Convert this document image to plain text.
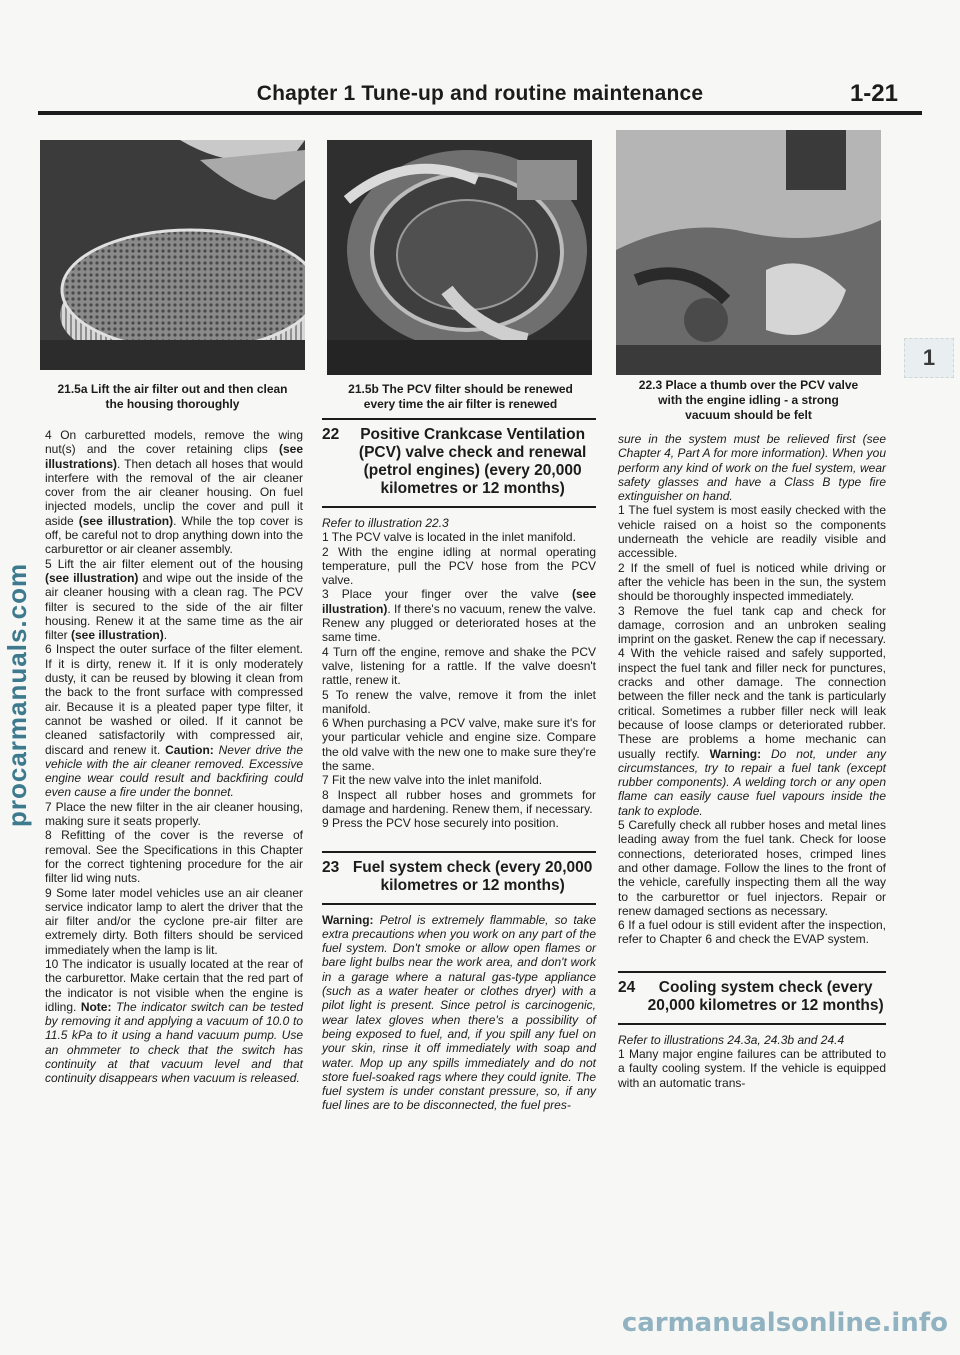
Chapter 1 Tune-up and routine maintenance	1-21
21.5a Lift the air filter out and then clean
the housing thoroughly
21.5b The PCV filter should be renewed
every time the air filter is renewed
22.3 Place a thumb over the PCV valve
with the engine idling - a strong
vacuum should be felt
1

4 On carburetted models, remove the wing nut(s) and the cover retaining clips (see illustrations). Then detach all hoses that would interfere with the removal of the air cleaner cover from the air cleaner housing. On fuel injected models, unclip the cover and pull it aside (see illustration). While the top cover is off, be careful not to drop anything down into the carburettor or air cleaner assembly.

5 Lift the air filter element out of the housing (see illustration) and wipe out the inside of the air cleaner housing with a clean rag. The PCV filter is secured to the side of the air filter housing. Renew it at the same time as the air filter (see illustration).

6 Inspect the outer surface of the filter element. If it is dirty, renew it. If it is only moderately dusty, it can be reused by blowing it clean from the back to the front surface with compressed air. Because it is a pleated paper type filter, it cannot be washed or oiled. If it cannot be cleaned satisfactorily with compressed air, discard and renew it. Caution: Never drive the vehicle with the air cleaner removed. Excessive engine wear could result and backfiring could even cause a fire under the bonnet.

7 Place the new filter in the air cleaner housing, making sure it seats properly.

8 Refitting of the cover is the reverse of removal. See the Specifications in this Chapter for the correct tightening procedure for the air filter lid wing nuts.

9 Some later model vehicles use an air cleaner service indicator lamp to alert the driver that the air filter and/or the cyclone pre-air filter are extremely dirty. Both filters should be serviced immediately when the lamp is lit.

10 The indicator is usually located at the rear of the carburettor. Make certain that the red part of the indicator is not visible when the engine is idling. Note: The indicator switch can be tested by removing it and applying a vacuum of 10.0 to 11.5 kPa to it using a hand vacuum pump. Use an ohmmeter to check that the switch has continuity at that vacuum level and that continuity disappears when vacuum is released.

22	Positive Crankcase Ventilation (PCV) valve check and renewal (petrol engines) (every 20,000 kilometres or 12 months)

Refer to illustration 22.3

1 The PCV valve is located in the inlet manifold.

2 With the engine idling at normal operating temperature, pull the PCV hose from the PCV valve.

3 Place your finger over the valve (see illustration). If there's no vacuum, renew the valve. Renew any plugged or deteriorated hoses at the same time.

4 Turn off the engine, remove and shake the PCV valve, listening for a rattle. If the valve doesn't rattle, renew it.

5 To renew the valve, remove it from the inlet manifold.

6 When purchasing a PCV valve, make sure it's for your particular vehicle and engine size. Compare the old valve with the new one to make sure they're the same.

7 Fit the new valve into the inlet manifold.

8 Inspect all rubber hoses and grommets for damage and hardening. Renew them, if necessary.

9 Press the PCV hose securely into position.

23 Fuel system check (every 20,000 kilometres or 12 months)

Warning: Petrol is extremely flammable, so take extra precautions when you work on any part of the fuel system. Don't smoke or allow open flames or bare light bulbs near the work area, and don't work in a garage where a natural gas-type appliance (such as a water heater or clothes dryer) with a pilot light is present. Since petrol is carcinogenic, wear latex gloves when there's a possibility of being exposed to fuel, and, if you spill any fuel on your skin, rinse it off immediately with soap and water. Mop up any spills immediately and do not store fuel-soaked rags where they could ignite. The fuel system is under constant pressure, so, if any fuel lines are to be disconnected, the fuel pres-

sure in the system must be relieved first (see Chapter 4, Part A for more information). When you perform any kind of work on the fuel system, wear safety glasses and have a Class B type fire extinguisher on hand.

1 The fuel system is most easily checked with the vehicle raised on a hoist so the components underneath the vehicle are readily visible and accessible.

2 If the smell of fuel is noticed while driving or after the vehicle has been in the sun, the system should be thoroughly inspected immediately.

3 Remove the fuel tank cap and check for damage, corrosion and an unbroken sealing imprint on the gasket. Renew the cap if necessary.

4 With the vehicle raised and safely supported, inspect the fuel tank and filler neck for punctures, cracks and other damage. The connection between the filler neck and the tank is particularly critical. Sometimes a rubber filler neck will leak because of loose clamps or deteriorated rubber. These are problems a home mechanic can usually rectify. Warning: Do not, under any circumstances, try to repair a fuel tank (except rubber components). A welding torch or any open flame can easily cause fuel vapours inside the tank to explode.

5 Carefully check all rubber hoses and metal lines leading away from the fuel tank. Check for loose connections, deteriorated hoses, crimped lines and other damage. Follow the lines to the front of the vehicle, carefully inspecting them all the way to the carburettor or fuel injectors. Repair or renew damaged sections as necessary.

6 If a fuel odour is still evident after the inspection, refer to Chapter 6 and check the EVAP system.

24	Cooling system check (every 20,000 kilometres or 12 months)

Refer to illustrations 24.3a, 24.3b and 24.4

1 Many major engine failures can be attributed to a faulty cooling system. If the vehicle is equipped with an automatic trans-

procarmanuals.com
carmanualsonline.info
